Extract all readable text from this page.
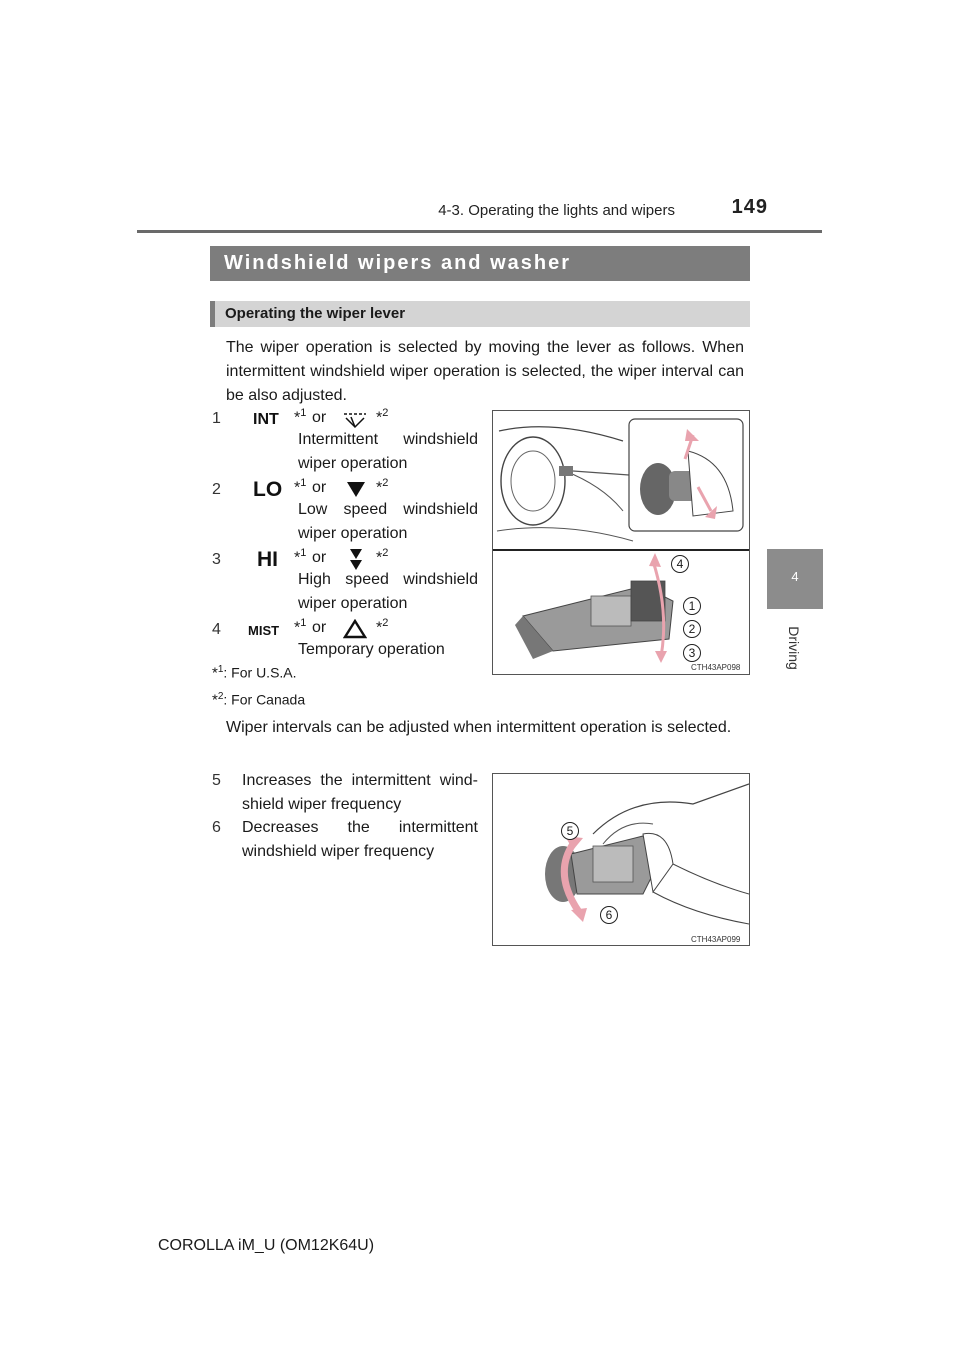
4-3. Operating the lights and wipers	149
4
Driving
Windshield wipers and washer
Operating the wiper lever
The wiper operation is selected by moving the lever as follows. When intermittent windshield wiper operation is selected, the wiper interval can be also adjusted.
1 INT *$^1$ or	*$^2$
Intermittent windshield
wiper operation
2 LO *$^1$ or	*$^2$
Low speed windshield
wiper operation
3 HI *$^1$ or	*$^2$
High speed windshield
wiper operation
4 MIST *$^1$ or	*$^2$
Temporary operation
4
1
2
3
CTH43AP098
*$^1$: For U.S.A.
*$^2$: For Canada
Wiper intervals can be adjusted when intermittent operation is selected.
5 Increases the intermittent wind-
shield wiper frequency
6 Decreases the intermittent
windshield wiper frequency
5
6
CTH43AP099
COROLLA iM_U (OM12K64U)
